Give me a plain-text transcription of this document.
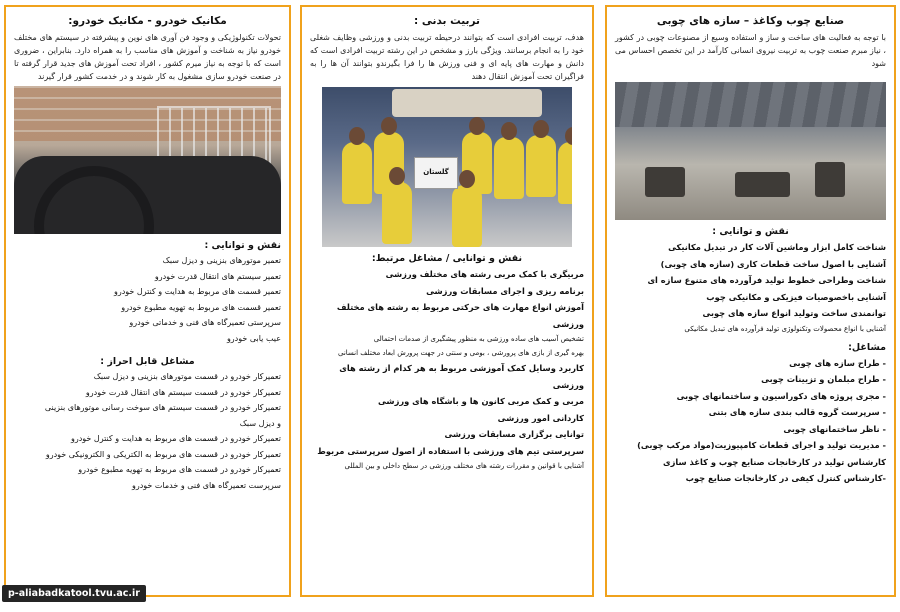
مکانیک خودرو - مکانیک خودرو:
تحولات تکنولوژیکی و وجود فن آوری های نوین و پیشرفته در سیستم های مختلف خودرو نیاز به شناخت و آموزش های مناسب را به همراه دارد. بنابراین ، ضروری است که با توجه به نیاز میرم کشور ، افراد تحت آموزش های جدید قرار گرفته تا در صنعت خودرو سازی مشغول به کار شوند و در خدمت کشور قرار گیرند
نقش و توانایی :
تعمیر موتورهای بنزینی و دیزل سبک
تعمیر سیستم های انتقال قدرت خودرو
تعمیر قسمت های مربوط به هدایت و کنترل خودرو
تعمیر قسمت های مربوط به تهویه مطبوع خودرو
سرپرستی تعمیرگاه های فنی و خدماتی خودرو
عیب یابی خودرو
مشاغل قابل احراز :
تعمیرکار خودرو در قسمت موتورهای بنزینی و دیزل سبک
تعمیرکار خودرو در قسمت سیستم های انتقال قدرت خودرو
تعمیرکار خودرو در قسمت سیستم های سوخت رسانی موتورهای بنزینی
و دیزل سبک
تعمیرکار خودرو در قسمت های مربوط به هدایت و کنترل خودرو
تعمیرکار خودرو در قسمت های مربوط به الکتریکی و الکترونیکی خودرو
تعمیرکار خودرو در قسمت های مربوط به تهویه مطبوع خودرو
سرپرست تعمیرگاه های فنی و خدمات خودرو
تربیت بدنی :
هدف، تربیت افرادی است که بتوانند درحیطه تربیت بدنی و ورزشی وظایف شغلی خود را به انجام برسانند. ویژگی بارز و مشخص در این رشته تربیت افرادی است که دانش و مهارت های پایه ای و فنی ورزش ها را فرا بگیرندو بتوانند آن ها را به فراگیران تحت آموزش انتقال دهند
گلستان
نقش و توانایی / مشاغل مرتبط:
مربیگری با کمک مربی رشته های مختلف ورزشی
برنامه ریزی و اجرای مسابقات ورزشی
آموزش انواع مهارت های حرکتی مربوط به رشته های مختلف ورزشی
تشخیص آسیب های ساده ورزشی به منظور پیشگیری از صدمات احتمالی
بهره گیری از بازی های پرورشی ، بومی و سنتی در جهت پرورش ابعاد مختلف انسانی
کاربرد وسایل کمک آموزشی مربوط به هر کدام از رشته های ورزشی
مربی و کمک مربی کانون ها و باشگاه های ورزشی
کاردانی امور ورزشی
توانایی برگزاری مسابقات ورزشی
سرپرستی تیم های ورزشی با استفاده از اصول سرپرستی مربوط
آشنایی با قوانین و مقررات رشته های مختلف ورزشی در سطح داخلی و بین المللی
صنایع چوب وکاغذ – سازه های چوبی
با توجه به فعالیت های ساخت و ساز و استفاده وسیع از مصنوعات چوبی در کشور ، نیاز مبرم صنعت چوب به تربیت نیروی انسانی کارآمد در این تخصص احساس می شود
نقش و توانایی :
شناخت کامل ابزار وماشین آلات کار در تبدیل مکانیکی
آشنایی با اصول ساخت قطعات کاری (سازه های چوبی)
شناخت وطراحی خطوط تولید فرآورده های متنوع سازه ای
آشنایی باخصوصیات فیزیکی و مکانیکی چوب
توانمندی ساخت وتولید انواع سازه های چوبی
آشنایی با انواع محصولات وتکنولوژی تولید فرآورده های تبدیل مکانیکی
مشاغل:
- طراح سازه های چوبی
- طراح مبلمان و تزیینات چوبی
- مجری پروژه های دکوراسیون و ساختمانهای چوبی
- سرپرست گروه قالب بندی سازه های بتنی
- ناظر ساختمانهای چوبی
- مدیریت تولید و اجرای قطعات کامپیوزیت(مواد مرکب چوبی)
کارشناس تولید در کارخانجات صنایع چوب و کاغذ سازی
-کارشناس کنترل کیفی در کارخانجات صنایع چوب
p-aliabadkatool.tvu.ac.ir
